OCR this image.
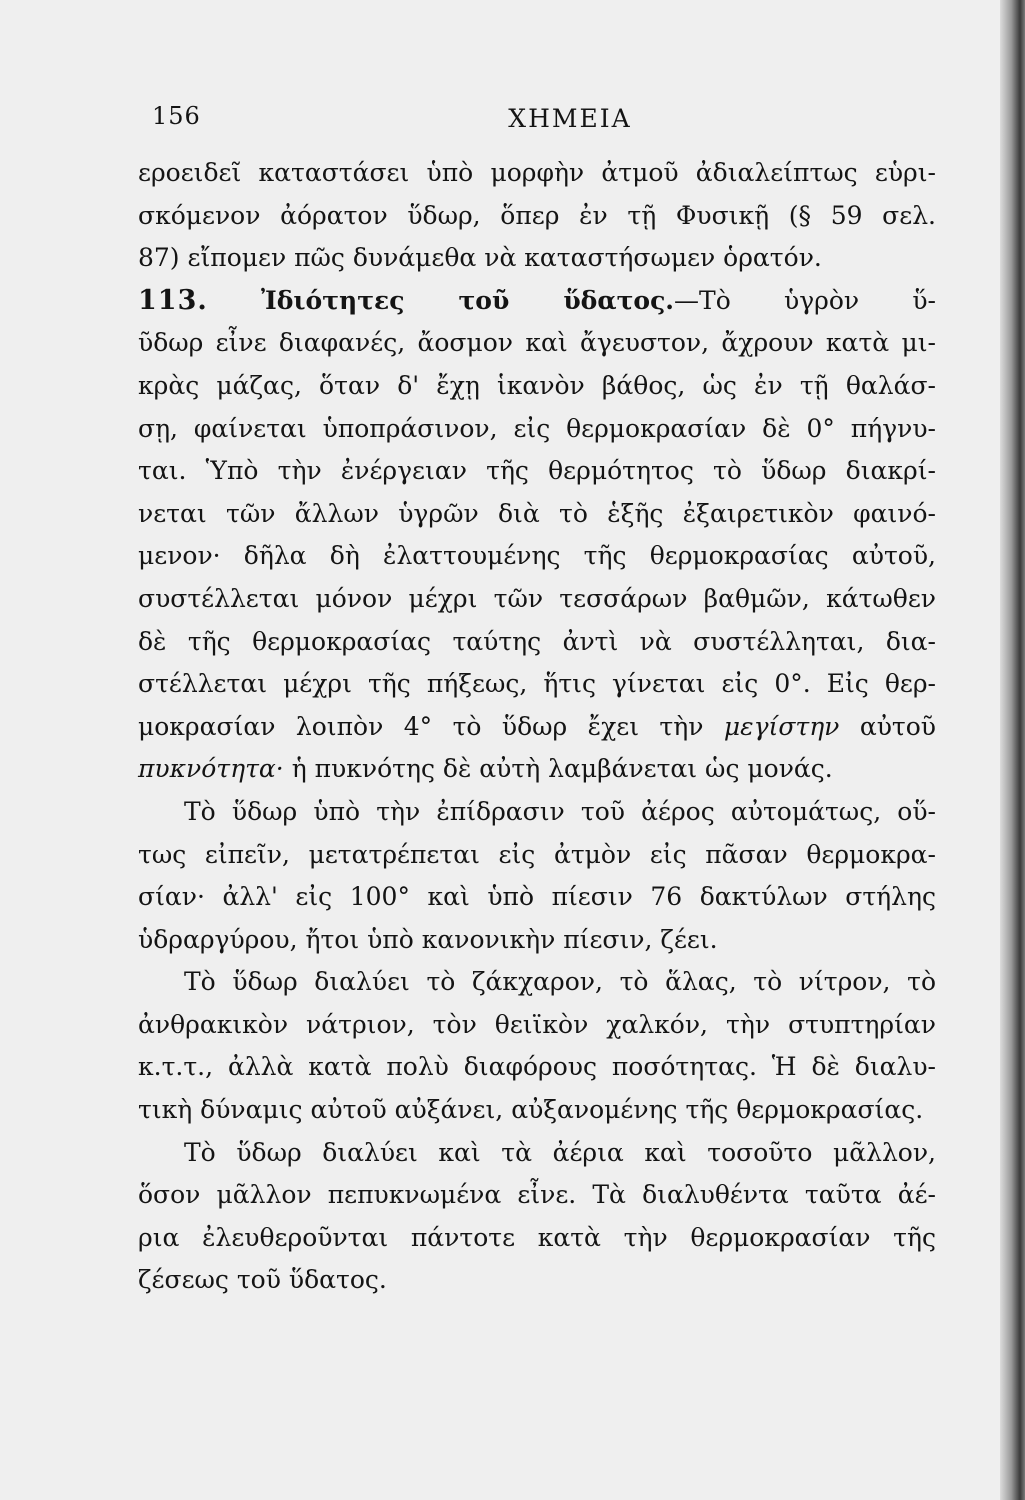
156	ΧΗΜΕΙΑ
εροειδεῖ καταστάσει ὑπὸ μορφὴν ἀτμοῦ ἀδιαλείπτως εὑρι-
σκόμενον ἀόρατον ὕδωρ, ὅπερ ἐν τῇ Φυσικῇ (§ 59 σελ.
87) εἴπομεν πῶς δυνάμεθα νὰ καταστήσωμεν ὁρατόν.
113. Ἰδιότητες τοῦ ὕδατος.—Τὸ ὑγρὸν ὕ-
ῦδωρ εἶνε διαφανές, ἄοσμον καὶ ἄγευστον, ἄχρουν κατὰ μι-
κρὰς μάζας, ὅταν δ' ἔχῃ ἱκανὸν βάθος, ὡς ἐν τῇ θαλάσ-
σῃ, φαίνεται ὑποπράσινον, εἰς θερμοκρασίαν δὲ 0° πήγνυ-
ται. Ὑπὸ τὴν ἐνέργειαν τῆς θερμότητος τὸ ὕδωρ διακρί-
νεται τῶν ἄλλων ὑγρῶν διὰ τὸ ἑξῆς ἐξαιρετικὸν φαινό-
μενον· δῆλα δὴ ἐλαττουμένης τῆς θερμοκρασίας αὐτοῦ,
συστέλλεται μόνον μέχρι τῶν τεσσάρων βαθμῶν, κάτωθεν
δὲ τῆς θερμοκρασίας ταύτης ἀντὶ νὰ συστέλληται, δια-
στέλλεται μέχρι τῆς πήξεως, ἥτις γίνεται εἰς 0°. Εἰς θερ-
μοκρασίαν λοιπὸν 4° τὸ ὕδωρ ἔχει τὴν μεγίστην αὐτοῦ
πυκνότητα· ἡ πυκνότης δὲ αὐτὴ λαμβάνεται ὡς μονάς.
Τὸ ὕδωρ ὑπὸ τὴν ἐπίδρασιν τοῦ ἀέρος αὐτομάτως, οὕ-
τως εἰπεῖν, μετατρέπεται εἰς ἀτμὸν εἰς πᾶσαν θερμοκρα-
σίαν· ἀλλ' εἰς 100° καὶ ὑπὸ πίεσιν 76 δακτύλων στήλης
ὑδραργύρου, ἤτοι ὑπὸ κανονικὴν πίεσιν, ζέει.
Τὸ ὕδωρ διαλύει τὸ ζάκχαρον, τὸ ἅλας, τὸ νίτρον, τὸ
ἀνθρακικὸν νάτριον, τὸν θειϊκὸν χαλκόν, τὴν στυπτηρίαν
κ.τ.τ., ἀλλὰ κατὰ πολὺ διαφόρους ποσότητας. Ἡ δὲ διαλυ-
τικὴ δύναμις αὐτοῦ αὐξάνει, αὐξανομένης τῆς θερμοκρασίας.
Τὸ ὕδωρ διαλύει καὶ τὰ ἀέρια καὶ τοσοῦτο μᾶλλον,
ὅσον μᾶλλον πεπυκνωμένα εἶνε. Τὰ διαλυθέντα ταῦτα ἀέ-
ρια ἐλευθεροῦνται πάντοτε κατὰ τὴν θερμοκρασίαν τῆς
ζέσεως τοῦ ὕδατος.
